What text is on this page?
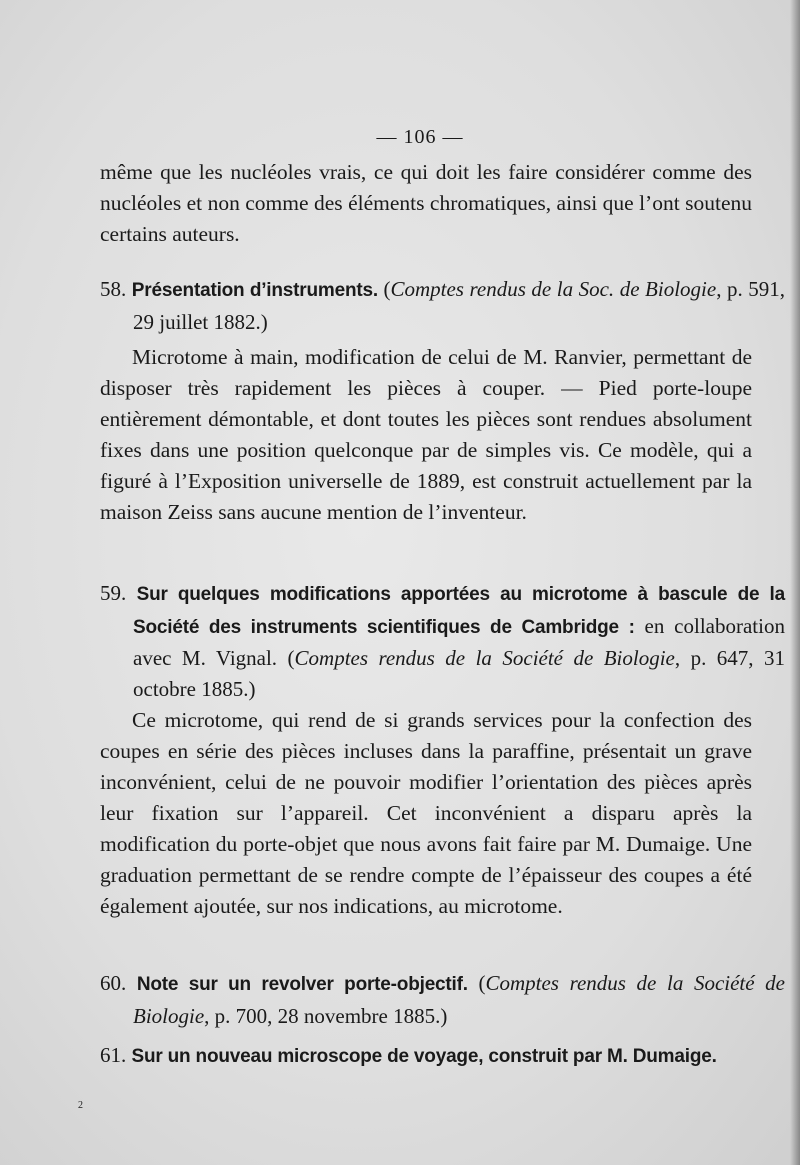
— 106 —
même que les nucléoles vrais, ce qui doit les faire considérer comme des nucléoles et non comme des éléments chromatiques, ainsi que l’ont soutenu certains auteurs.
58. Présentation d’instruments. (Comptes rendus de la Soc. de Biologie, p. 591, 29 juillet 1882.)
Microtome à main, modification de celui de M. Ranvier, permettant de disposer très rapidement les pièces à couper. — Pied porte-loupe entièrement démontable, et dont toutes les pièces sont rendues absolument fixes dans une position quelconque par de simples vis. Ce modèle, qui a figuré à l’Exposition universelle de 1889, est construit actuellement par la maison Zeiss sans aucune mention de l’inventeur.
59. Sur quelques modifications apportées au microtome à bascule de la Société des instruments scientifiques de Cambridge : en collaboration avec M. Vignal. (Comptes rendus de la Société de Biologie, p. 647, 31 octobre 1885.)
Ce microtome, qui rend de si grands services pour la confection des coupes en série des pièces incluses dans la paraffine, présentait un grave inconvénient, celui de ne pouvoir modifier l’orientation des pièces après leur fixation sur l’appareil. Cet inconvénient a disparu après la modification du porte-objet que nous avons fait faire par M. Dumaige. Une graduation permettant de se rendre compte de l’épaisseur des coupes a été également ajoutée, sur nos indications, au microtome.
60. Note sur un revolver porte-objectif. (Comptes rendus de la Société de Biologie, p. 700, 28 novembre 1885.)
61. Sur un nouveau microscope de voyage, construit par M. Dumaige.
2
